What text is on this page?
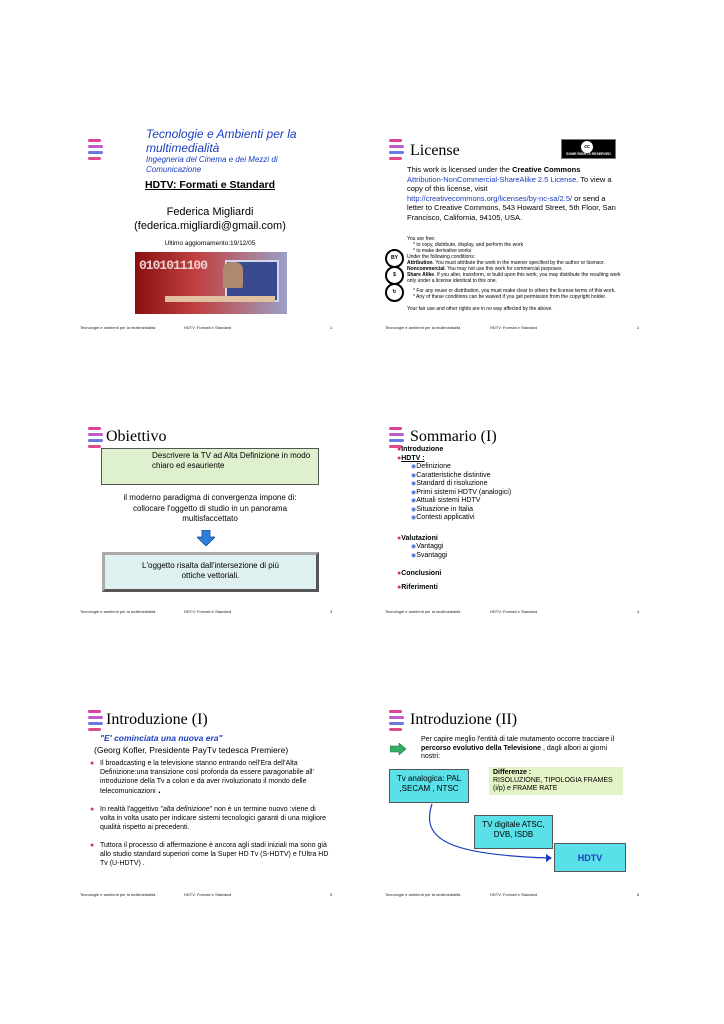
Tecnologie e Ambienti per la multimedialità
Ingegneria del Cinema e dei Mezzi di Comunicazione
HDTV: Formati e Standard
Federica Migliardi
(federica.migliardi@gmail.com)
Ultimo aggiornamento:19/12/05
0101011100
Tecnologie e ambienti per la multimedialità	HDTV: Formati e Standard	1
License	cc
SOME RIGHTS RESERVED
This work is licensed under the Creative Commons Attribution-NonCommercial-ShareAlike 2.5 License. To view a copy of this license, visit http://creativecommons.org/licenses/by-nc-sa/2.5/ or send a letter to Creative Commons, 543 Howard Street, 5th Floor, San Francisco, California, 94105, USA.
You are free:
* to copy, distribute, display, and perform the work
* to make derivative works
Under the following conditions:
Attribution. You must attribute the work in the manner specified by the author or licensor.
Noncommercial. You may not use this work for commercial purposes.
Share Alike. If you alter, transform, or build upon this work, you may distribute the resulting work only under a license identical to this one.
* For any reuse or distribution, you must make clear to others the license terms of this work.
* Any of these conditions can be waived if you get permission from the copyright holder.
Your fair use and other rights are in no way affected by the above.
BY
$
↻
Tecnologie e ambienti per la multimedialità	HDTV: Formati e Standard	2
Obiettivo
Descrivere la TV ad Alta Definizione in modo chiaro ed esauriente
il moderno paradigma di convergenza impone di: collocare l'oggetto di studio in un panorama multisfaccettato
L'oggetto risalta dall'intersezione di più ottiche vettoriali.
Tecnologie e ambienti per la multimedialità	HDTV: Formati e Standard	3
Sommario (I)
●Introduzione
●HDTV :
◉ Definizione
◉ Caratteristiche distintive
◉ Standard di risoluzione
◉ Primi sistemi HDTV (analogici)
◉ Attuali sistemi HDTV
◉ Situazione in Italia
◉ Contesti applicativi
●Valutazioni
◉ Vantaggi
◉ Svantaggi
●Conclusioni
●Riferimenti
Tecnologie e ambienti per la multimedialità	HDTV: Formati e Standard	4
Introduzione (I)
"E' cominciata una nuova era"
(Georg Kofler, Presidente PayTv tedesca Premiere)
● Il broadcasting e la televisione stanno entrando nell'Era dell'Alta Definizione:una transizione così profonda da essere paragonabile all' introduzione della Tv a colori e da aver rivoluzionato il mondo delle telecomunicazioni .
● In realtà l'aggettivo "alta definizione" non è un termine nuovo :viene di volta in volta usato per indicare sistemi tecnologici garanti di una migliore qualità rispetto ai precedenti.
● Tuttora il processo di affermazione è ancora agli stadi iniziali ma sono già allo studio standard superiori come la Super HD Tv (S-HDTV) e l'Ultra HD Tv (U-HDTV) .
Tecnologie e ambienti per la multimedialità	HDTV: Formati e Standard	5
Introduzione (II)
Per capire meglio l'entità di tale mutamento occorre tracciare il percorso evolutivo della Televisione , dagli albori ai giorni nostri:
Tv analogica: PAL ,SECAM , NTSC
Differenze :
RISOLUZIONE, TIPOLOGIA FRAMES (i/p) e FRAME RATE
TV digitale ATSC, DVB, ISDB
HDTV
Tecnologie e ambienti per la multimedialità	HDTV: Formati e Standard	6
